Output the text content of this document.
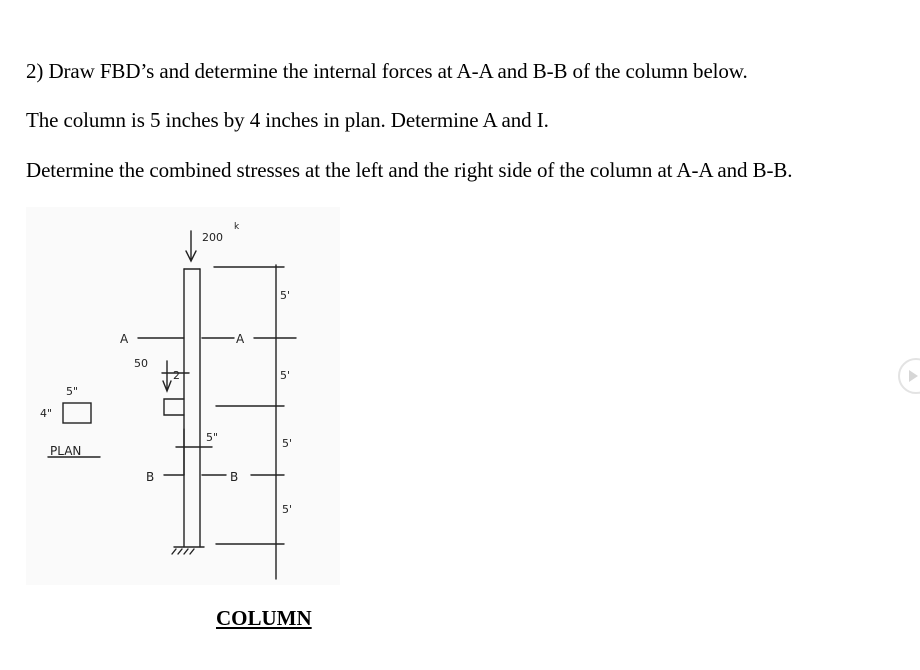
2) Draw FBD’s and determine the internal forces at A-A and B-B of the column below.
The column is 5 inches by 4 inches in plan. Determine A and I.
Determine the combined stresses at the left and the right side of the column at A-A and B-B.
200
k
50
2
5"
A	A
B	B
5'
5'
5'
5'
5"
4"
PLAN
COLUMN
